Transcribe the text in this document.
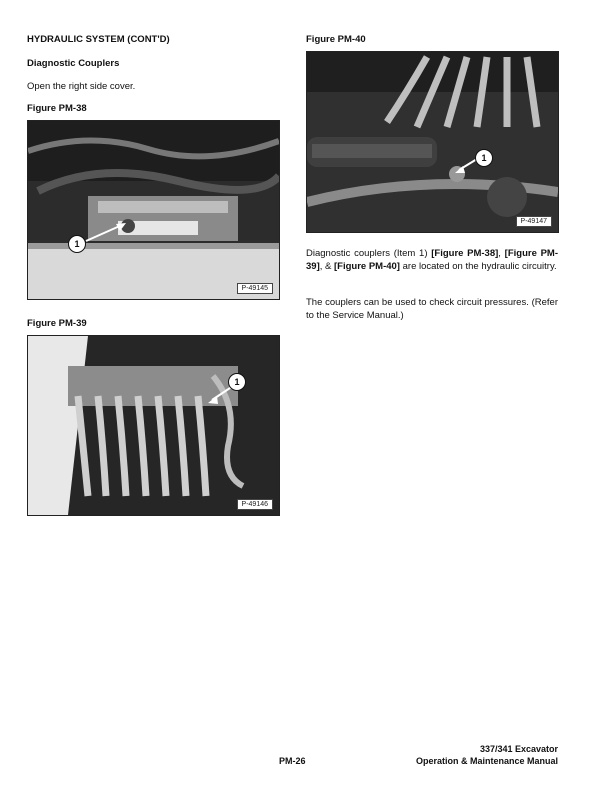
HYDRAULIC SYSTEM (CONT'D)
Diagnostic Couplers
Open the right side cover.
Figure PM-38
1
P-49145
Figure PM-39
1
P-49146
Figure PM-40
1
P-49147
Diagnostic couplers (Item 1) [Figure PM-38], [Figure PM-39], & [Figure PM-40] are located on the hydraulic circuitry.
The couplers can be used to check circuit pressures. (Refer to the Service Manual.)
PM-26
337/341 Excavator
Operation & Maintenance Manual
